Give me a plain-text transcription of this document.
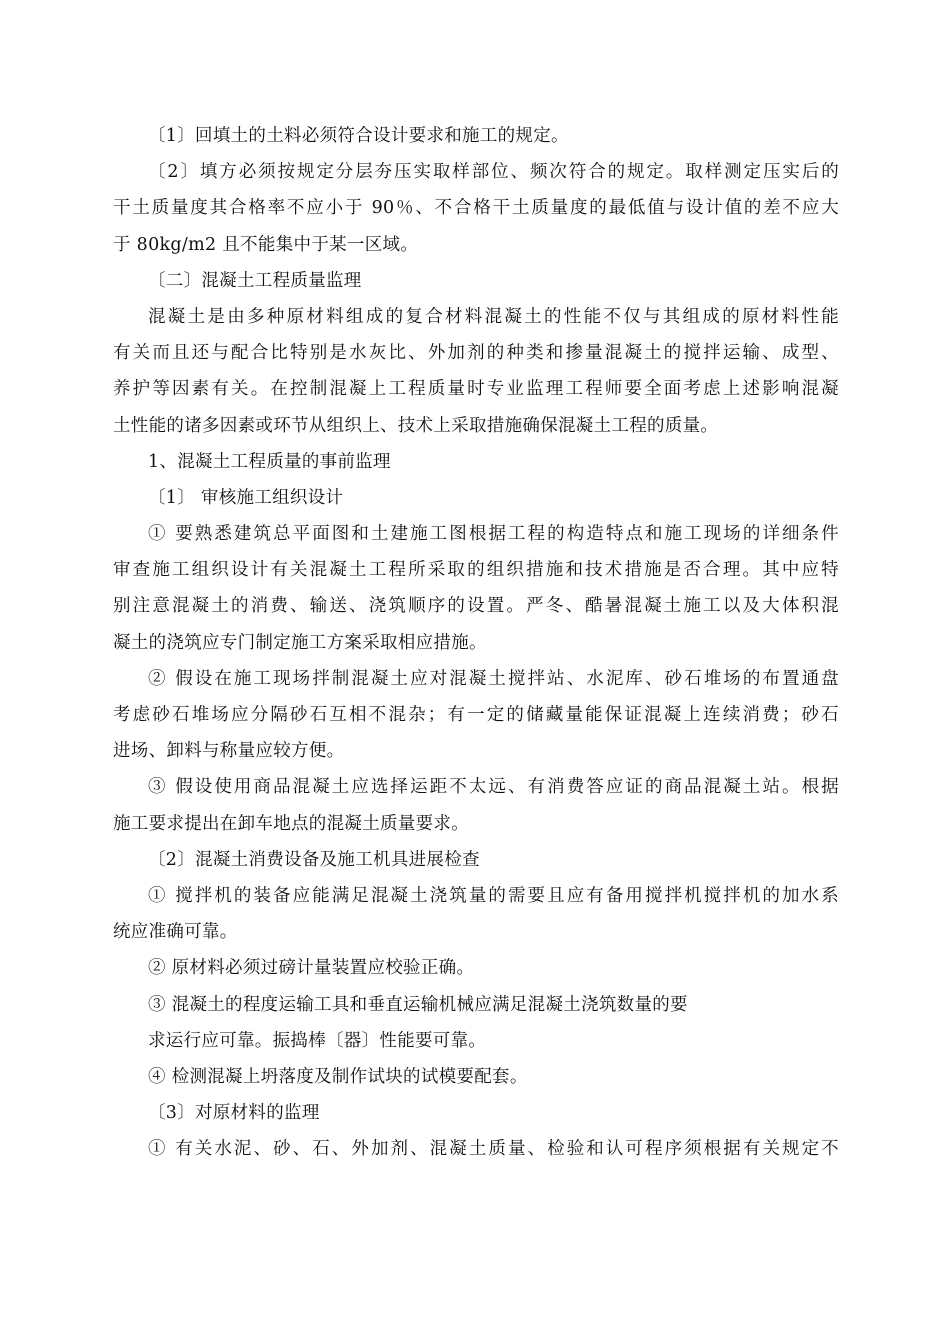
〔1〕回填土的土料必须符合设计要求和施工的规定。
〔2〕填方必须按规定分层夯压实取样部位、频次符合的规定。取样测定压实后的
干土质量度其合格率不应小于 90％、不合格干土质量度的最低值与设计值的差不应大
于 80kg/m2 且不能集中于某一区域。
〔二〕混凝土工程质量监理
混凝土是由多种原材料组成的复合材料混凝土的性能不仅与其组成的原材料性能
有关而且还与配合比特别是水灰比、外加剂的种类和掺量混凝土的搅拌运输、成型、
养护等因素有关。在控制混凝上工程质量时专业监理工程师要全面考虑上述影响混凝
土性能的诸多因素或环节从组织上、技术上采取措施确保混凝土工程的质量。
1、混凝土工程质量的事前监理
〔1〕 审核施工组织设计
① 要熟悉建筑总平面图和土建施工图根据工程的构造特点和施工现场的详细条件
审查施工组织设计有关混凝土工程所采取的组织措施和技术措施是否合理。其中应特
别注意混凝土的消费、输送、浇筑顺序的设置。严冬、酷暑混凝土施工以及大体积混
凝土的浇筑应专门制定施工方案采取相应措施。
② 假设在施工现场拌制混凝土应对混凝土搅拌站、水泥库、砂石堆场的布置通盘
考虑砂石堆场应分隔砂石互相不混杂；有一定的储藏量能保证混凝上连续消费；砂石
进场、卸料与称量应较方便。
③ 假设使用商品混凝土应选择运距不太远、有消费答应证的商品混凝土站。根据
施工要求提出在卸车地点的混凝土质量要求。
〔2〕混凝土消费设备及施工机具进展检查
① 搅拌机的装备应能满足混凝土浇筑量的需要且应有备用搅拌机搅拌机的加水系
统应准确可靠。
② 原材料必须过磅计量装置应校验正确。
③ 混凝土的程度运输工具和垂直运输机械应满足混凝土浇筑数量的要
求运行应可靠。振捣棒〔器〕性能要可靠。
④ 检测混凝上坍落度及制作试块的试模要配套。
〔3〕对原材料的监理
① 有关水泥、砂、石、外加剂、混凝土质量、检验和认可程序须根据有关规定不
